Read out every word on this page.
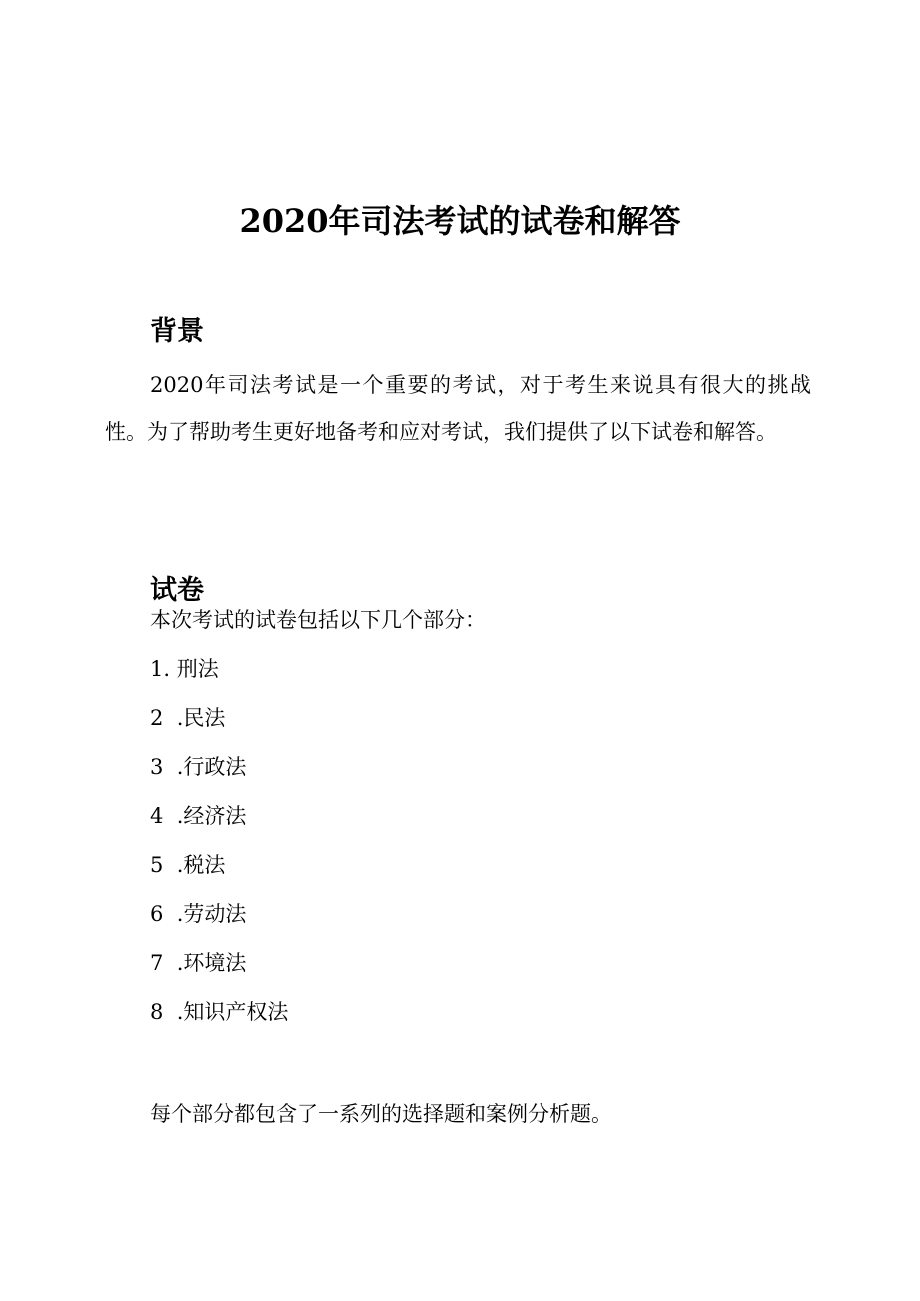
2020年司法考试的试卷和解答
背景

2020年司法考试是一个重要的考试，对于考生来说具有很大的挑战性。为了帮助考生更好地备考和应对考试，我们提供了以下试卷和解答。

试卷
本次考试的试卷包括以下几个部分：
1. 刑法
2  .民法
3  .行政法
4  .经济法
5  .税法
6  .劳动法
7  .环境法
8  .知识产权法
每个部分都包含了一系列的选择题和案例分析题。
